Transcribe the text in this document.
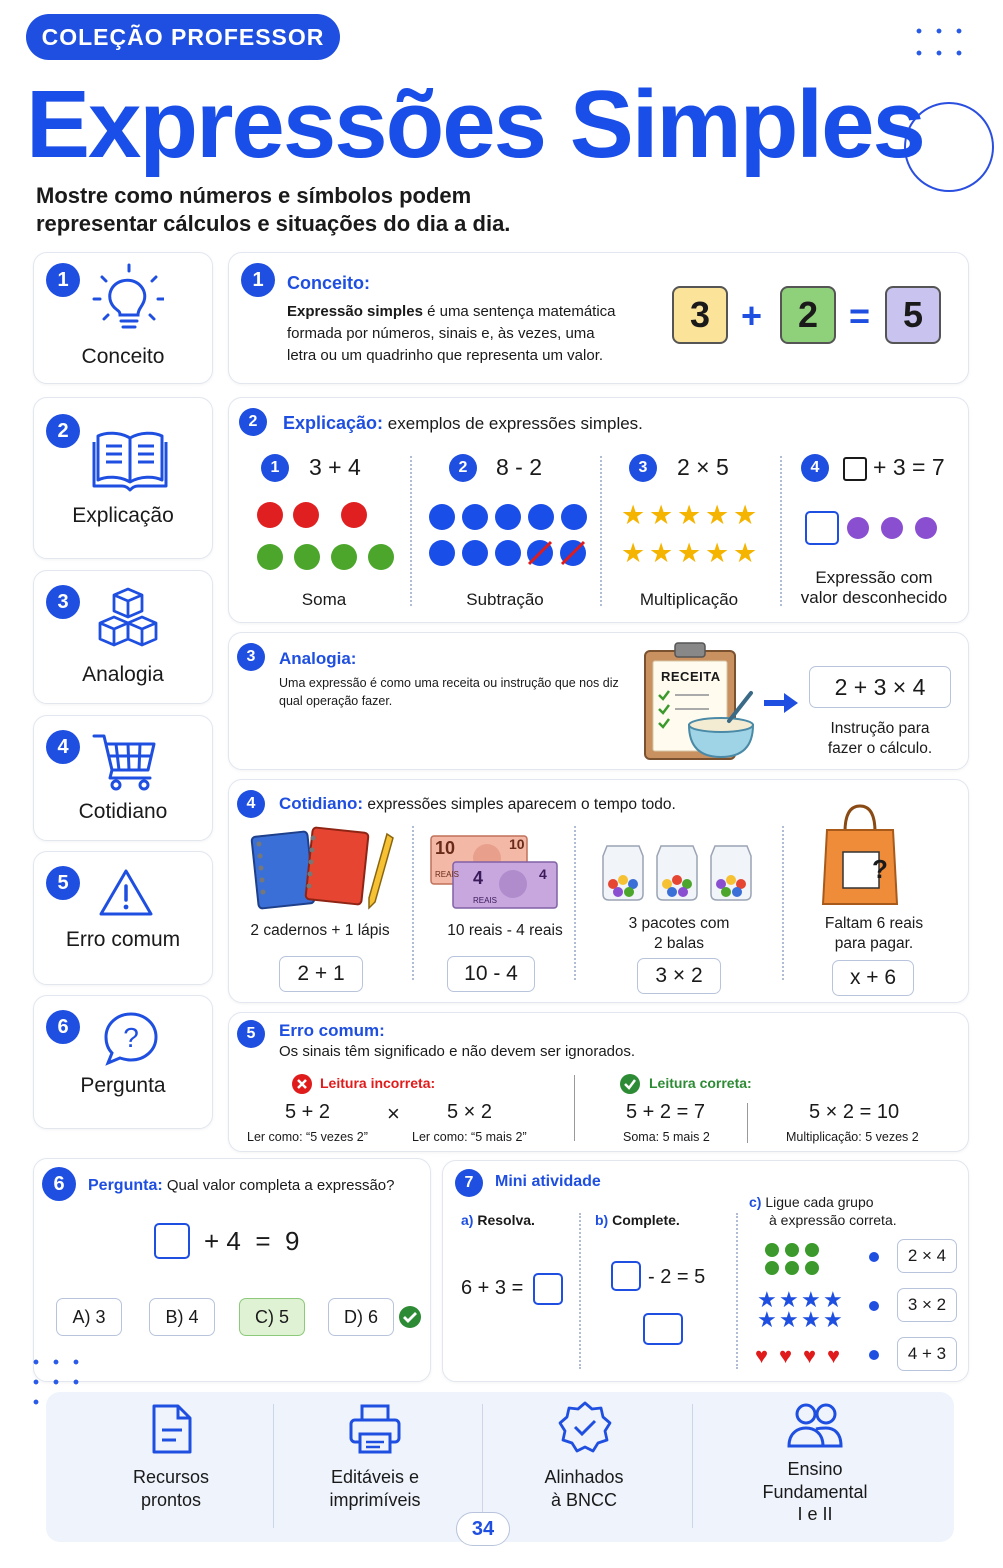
COLEÇÃO PROFESSOR
Expressões Simples
Mostre como números e símbolos podem
representar cálculos e situações do dia a dia.
1
Conceito
2
Explicação
3
Analogia
4
Cotidiano
5
Erro comum
6	?
Pergunta
1	Conceito:
Expressão simples é uma sentença matemática
formada por números, sinais e, às vezes, uma
letra ou um quadrinho que representa um valor.
3 + 2 = 5
2	Explicação: exemplos de expressões simples.
1	3 + 4
Soma
2	8 - 2
Subtração
3	2 × 5
★ ★ ★ ★ ★
★ ★ ★ ★ ★
Multiplicação
4	+ 3 = 7
Expressão com
valor desconhecido
3	Analogia:
Uma expressão é como uma receita ou instrução que nos diz
qual operação fazer.
RECEITA	2 + 3 × 4
Instrução para
fazer o cálculo.
4	Cotidiano: expressões simples aparecem o tempo todo.
2 cadernos + 1 lápis
2 + 1
10	10
REAIS 4	4
REAIS
10 reais - 4 reais
10 - 4
3 pacotes com
2 balas
3 × 2
?
Faltam 6 reais
para pagar.
x + 6
5	Erro comum:
Os sinais têm significado e não devem ser ignorados.
Leitura incorreta:
5 + 2
Ler como: “5 vezes 2”
× 5 × 2
Ler como: “5 mais 2”
Leitura correta:
5 + 2 = 7
Soma: 5 mais 2
5 × 2 = 10
Multiplicação: 5 vezes 2
6	Pergunta: Qual valor completa a expressão?
+ 4  =  9
A) 3	B) 4	C) 5	D) 6
7	Mini atividade
a) Resolva.
6 + 3 =
b) Complete.
- 2 = 5
c) Ligue cada grupo
à expressão correta.
2 × 4
★ ★ ★ ★
★ ★ ★ ★
3 × 2
♥ ♥ ♥ ♥	4 + 3
Recursos
prontos
Editáveis e
imprimíveis
Alinhados
à BNCC
Ensino
Fundamental
I e II
34
